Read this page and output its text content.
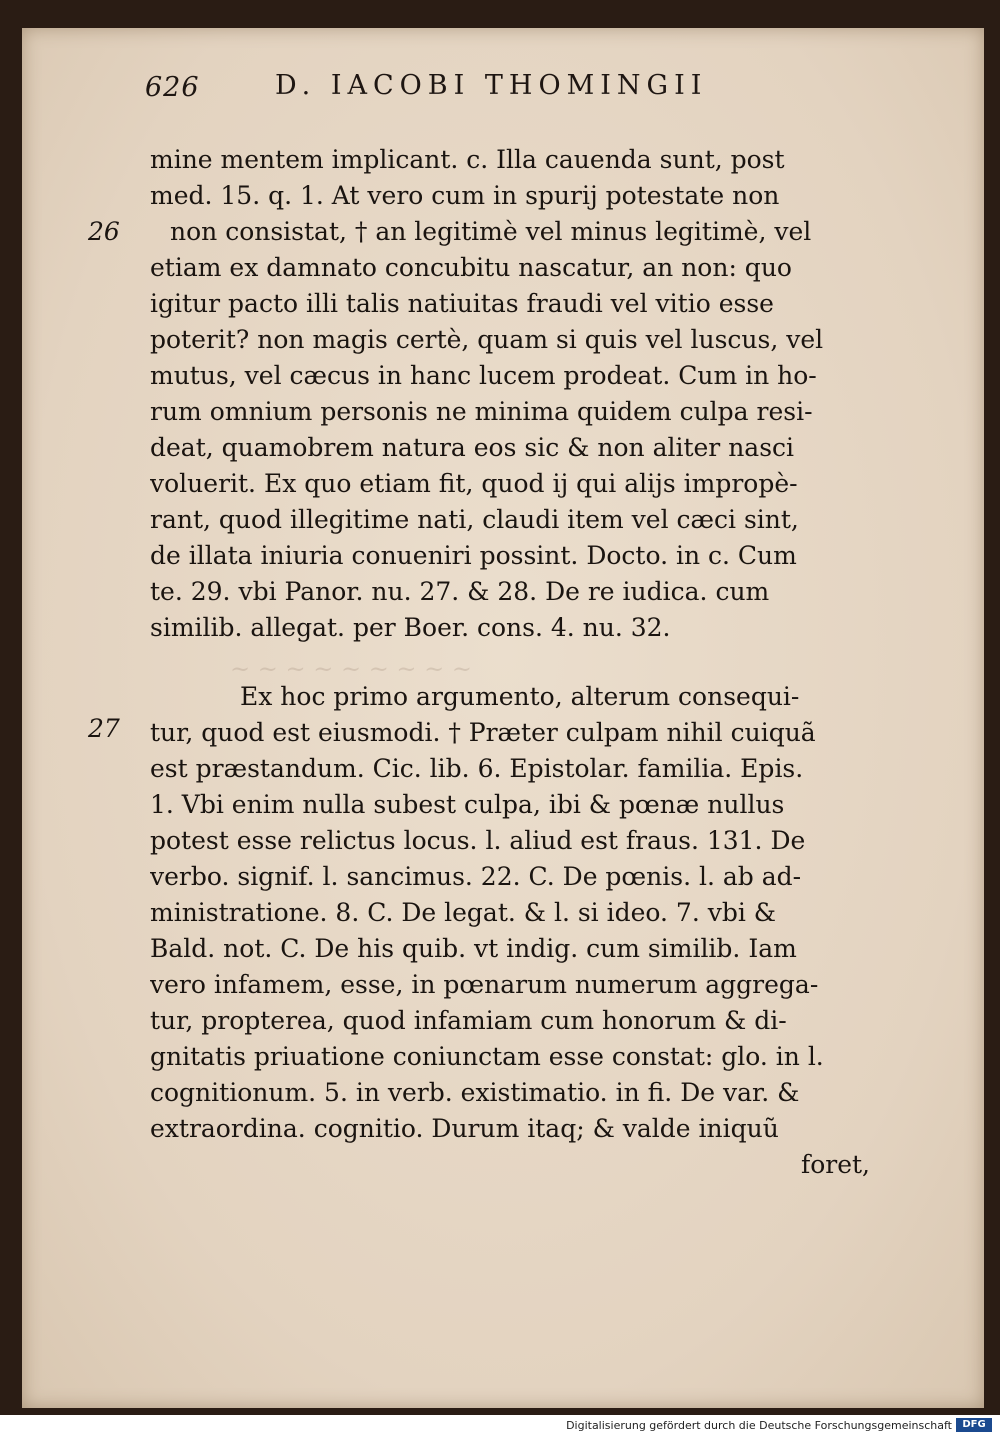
626	D. IACOBI THOMINGII
26
27
mine mentem implicant. c. Illa cauenda sunt, post
med. 15. q. 1. At vero cum in spurij potestate non
non consistat, † an legitimè vel minus legitimè, vel
etiam ex damnato concubitu nascatur, an non: quo
igitur pacto illi talis natiuitas fraudi vel vitio esse
poterit? non magis certè, quam si quis vel luscus, vel
mutus, vel cæcus in hanc lucem prodeat. Cum in ho-
rum omnium personis ne minima quidem culpa resi-
deat, quamobrem natura eos sic & non aliter nasci
voluerit. Ex quo etiam fit, quod ij qui alijs impropè-
rant, quod illegitime nati, claudi item vel cæci sint,
de illata iniuria conueniri possint. Docto. in c. Cum
te. 29. vbi Panor. nu. 27. & 28. De re iudica. cum
similib. allegat. per Boer. cons. 4. nu. 32.
~ ~ ~ ~ ~ ~ ~ ~ ~
Ex hoc primo argumento, alterum consequi-
tur, quod est eiusmodi. † Præter culpam nihil cuiquã
est præstandum. Cic. lib. 6. Epistolar. familia. Epis.
1. Vbi enim nulla subest culpa, ibi & pœnæ nullus
potest esse relictus locus. l. aliud est fraus. 131. De
verbo. signif. l. sancimus. 22. C. De pœnis. l. ab ad-
ministratione. 8. C. De legat. & l. si ideo. 7. vbi &
Bald. not. C. De his quib. vt indig. cum similib. Iam
vero infamem, esse, in pœnarum numerum aggrega-
tur, propterea, quod infamiam cum honorum & di-
gnitatis priuatione coniunctam esse constat: glo. in l.
cognitionum. 5. in verb. existimatio. in fi. De var. &
extraordina. cognitio. Durum itaq; & valde iniquũ
foret,
Digitalisierung gefördert durch die Deutsche Forschungsgemeinschaft	DFG
